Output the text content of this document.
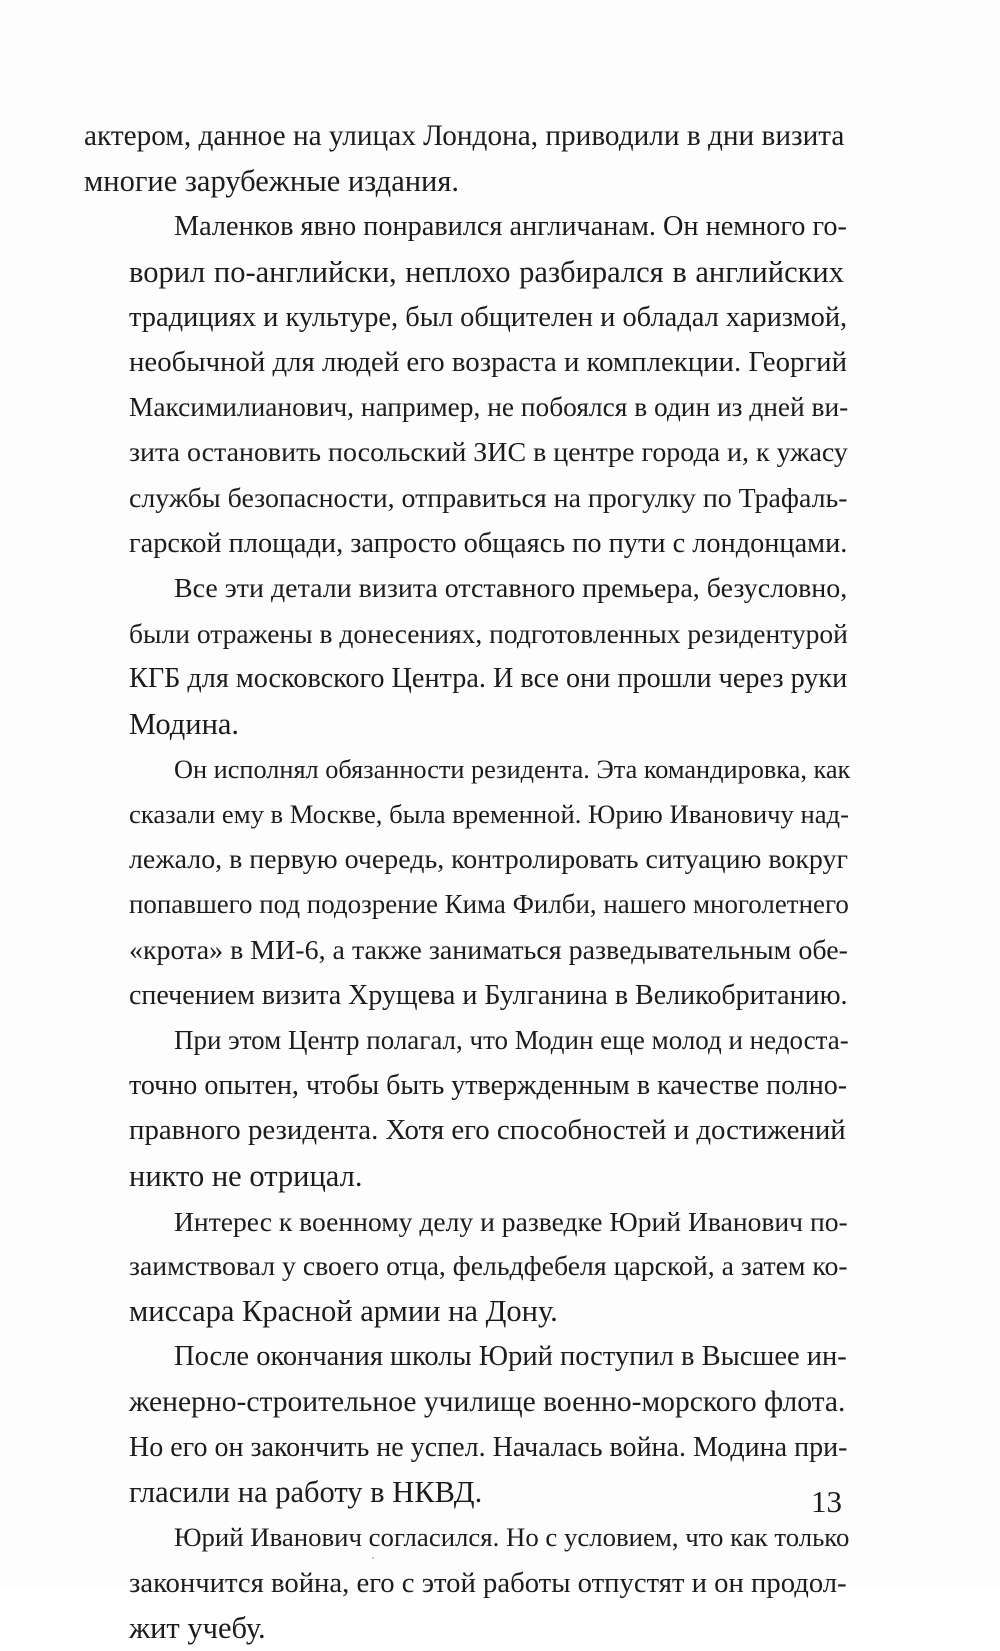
актером, данное на улицах Лондона, приводили в дни визита
многие зарубежные издания.
Маленков явно понравился англичанам. Он немного го-
ворил по-английски, неплохо разбирался в английских
традициях и культуре, был общителен и обладал харизмой,
необычной для людей его возраста и комплекции. Георгий
Максимилианович, например, не побоялся в один из дней ви-
зита остановить посольский ЗИС в центре города и, к ужасу
службы безопасности, отправиться на прогулку по Трафаль-
гарской площади, запросто общаясь по пути с лондонцами.
Все эти детали визита отставного премьера, безусловно,
были отражены в донесениях, подготовленных резидентурой
КГБ для московского Центра. И все они прошли через руки
Модина.
Он исполнял обязанности резидента. Эта командировка, как
сказали ему в Москве, была временной. Юрию Ивановичу над-
лежало, в первую очередь, контролировать ситуацию вокруг
попавшего под подозрение Кима Филби, нашего многолетнего
«крота» в МИ-6, а также заниматься разведывательным обе-
спечением визита Хрущева и Булганина в Великобританию.
При этом Центр полагал, что Модин еще молод и недоста-
точно опытен, чтобы быть утвержденным в качестве полно-
правного резидента. Хотя его способностей и достижений
никто не отрицал.
Интерес к военному делу и разведке Юрий Иванович по-
заимствовал у своего отца, фельдфебеля царской, а затем ко-
миссара Красной армии на Дону.
После окончания школы Юрий поступил в Высшее ин-
женерно-строительное училище военно-морского флота.
Но его он закончить не успел. Началась война. Модина при-
гласили на работу в НКВД.
Юрий Иванович согласился. Но с условием, что как только
закончится война, его с этой работы отпустят и он продол-
жит учебу.
13
